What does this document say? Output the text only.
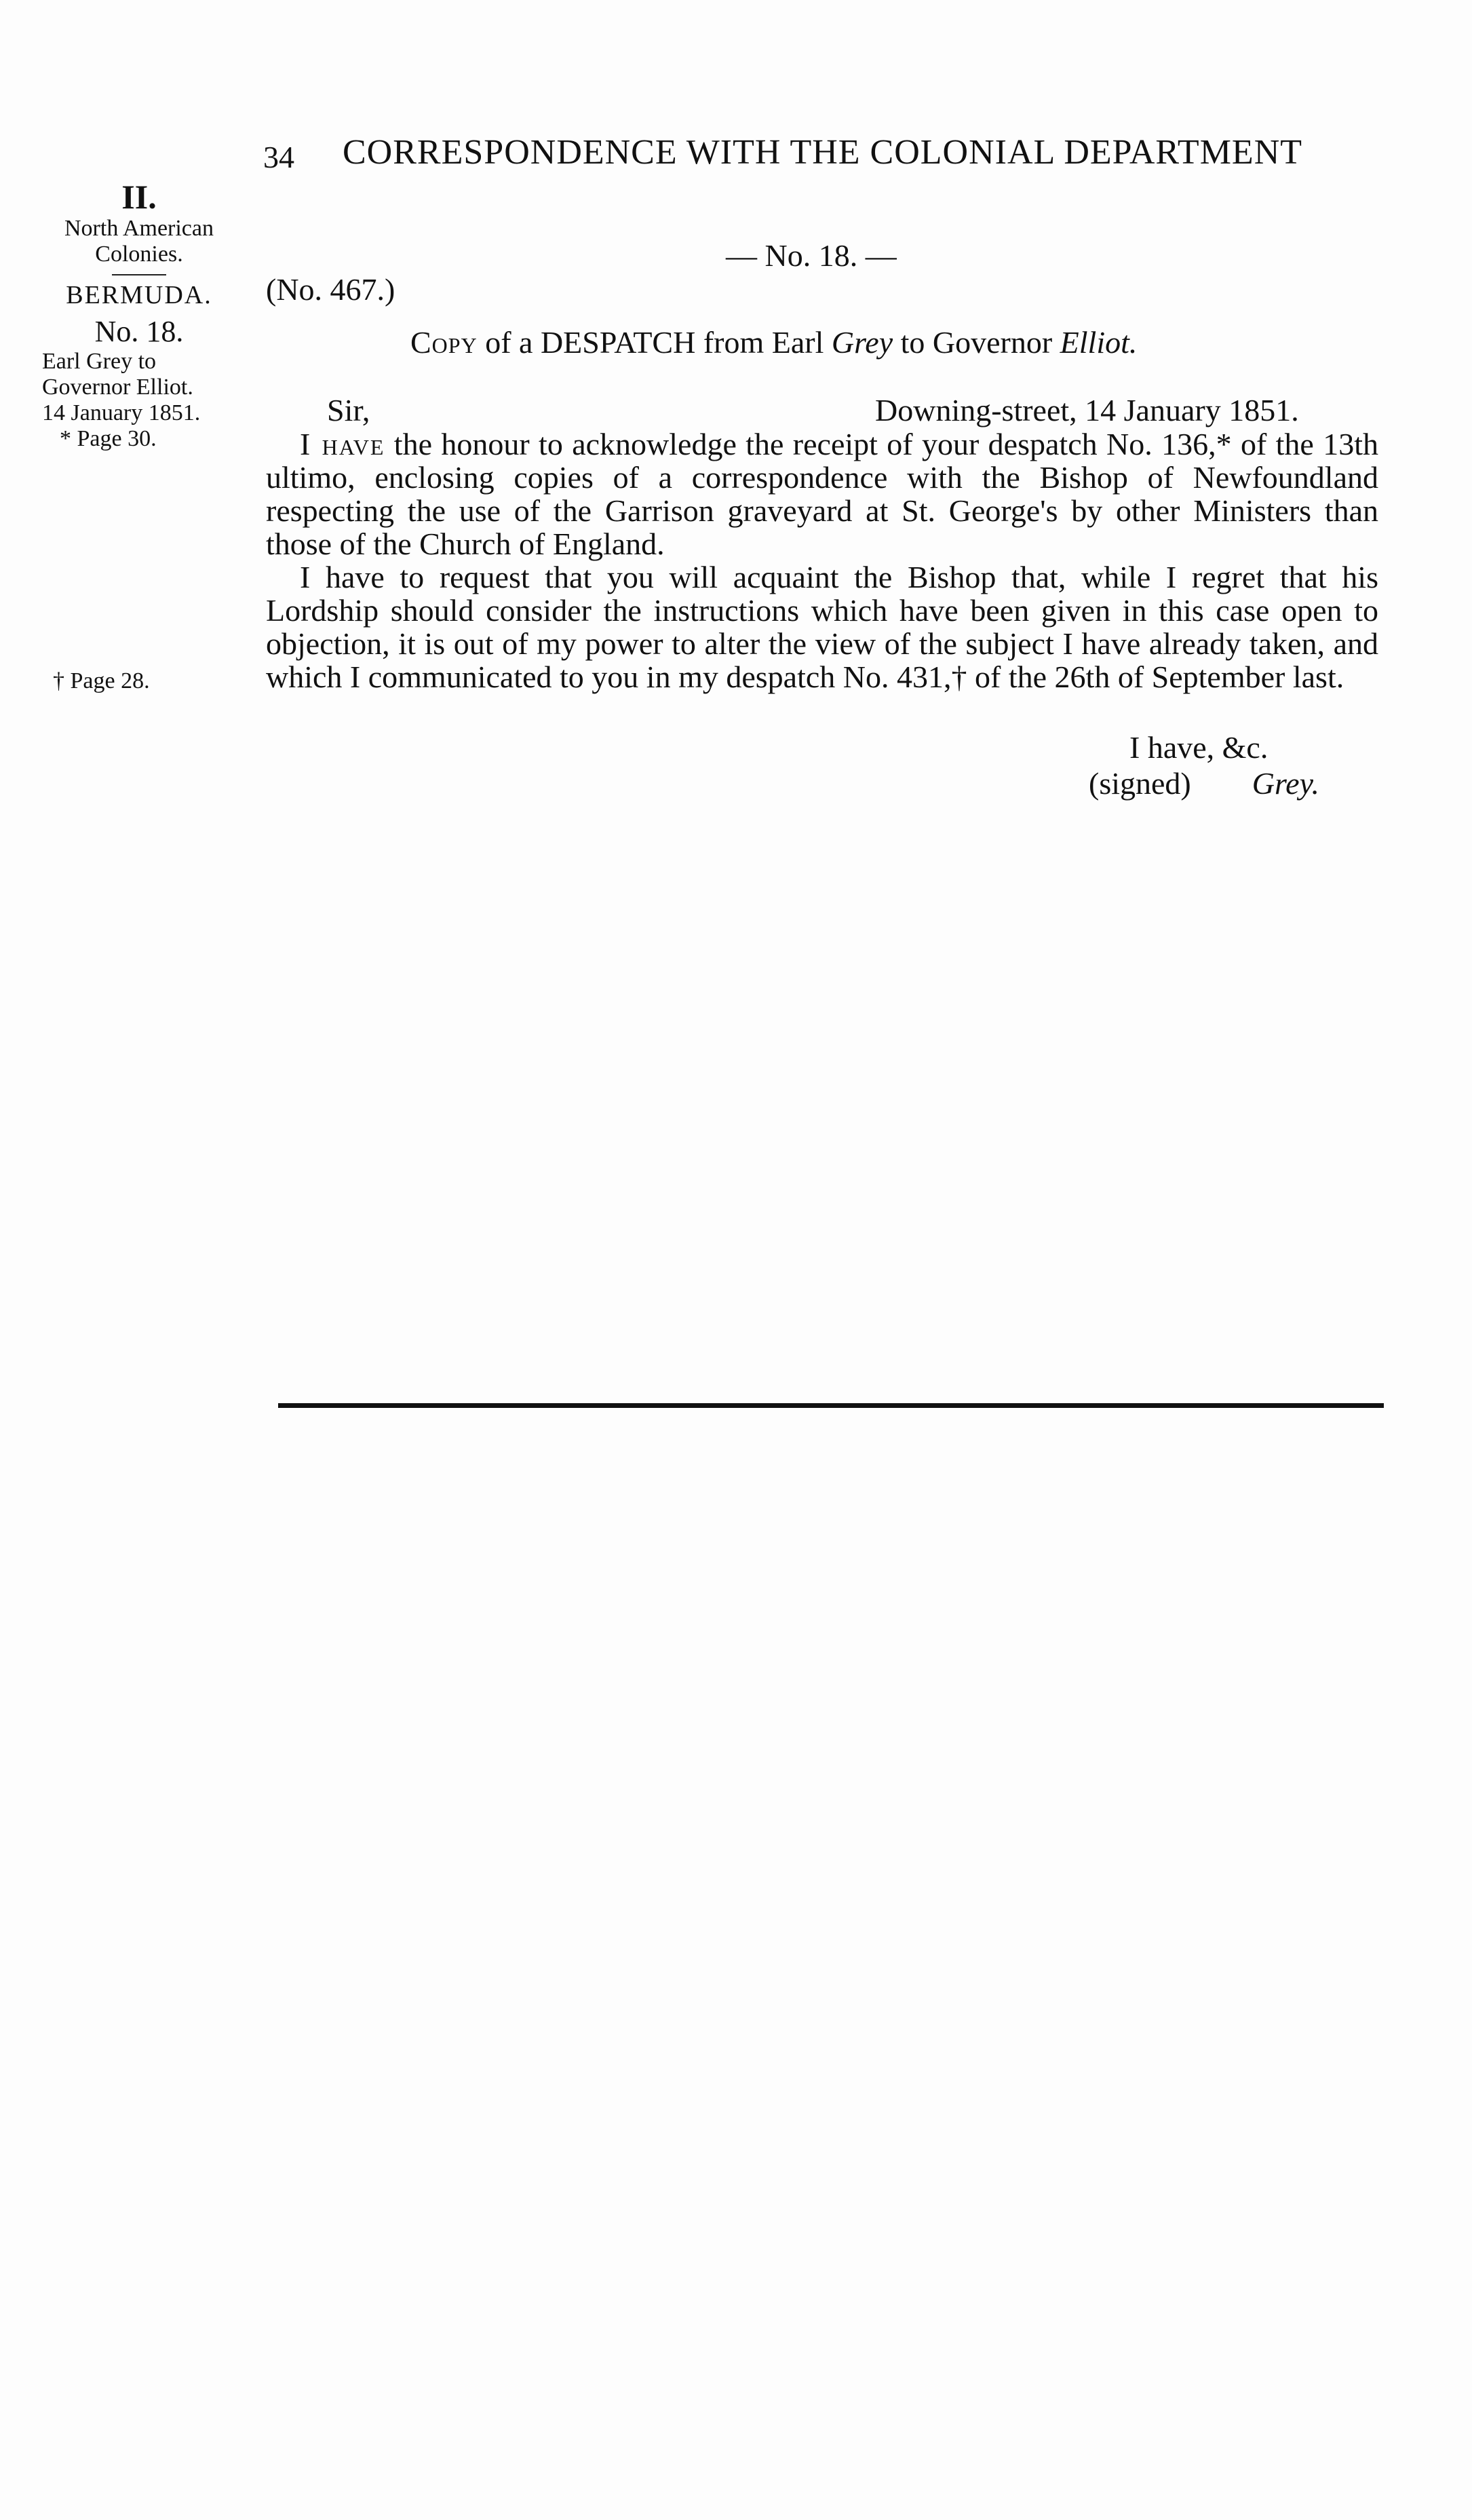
34 CORRESPONDENCE WITH THE COLONIAL DEPARTMENT
II.
North American
Colonies.
BERMUDA.
No. 18.
Earl Grey to
Governor Elliot.
14 January 1851.
* Page 30.
† Page 28.
— No. 18. —
(No. 467.)
Copy of a DESPATCH from Earl Grey to Governor Elliot.
Sir,	Downing-street, 14 January 1851.

I have the honour to acknowledge the receipt of your despatch No. 136,* of the 13th ultimo, enclosing copies of a correspondence with the Bishop of Newfoundland respecting the use of the Garrison graveyard at St. George's by other Ministers than those of the Church of England.

I have to request that you will acquaint the Bishop that, while I regret that his Lordship should consider the instructions which have been given in this case open to objection, it is out of my power to alter the view of the subject I have already taken, and which I communicated to you in my despatch No. 431,† of the 26th of September last.

I have, &c.
(signed) Grey.
